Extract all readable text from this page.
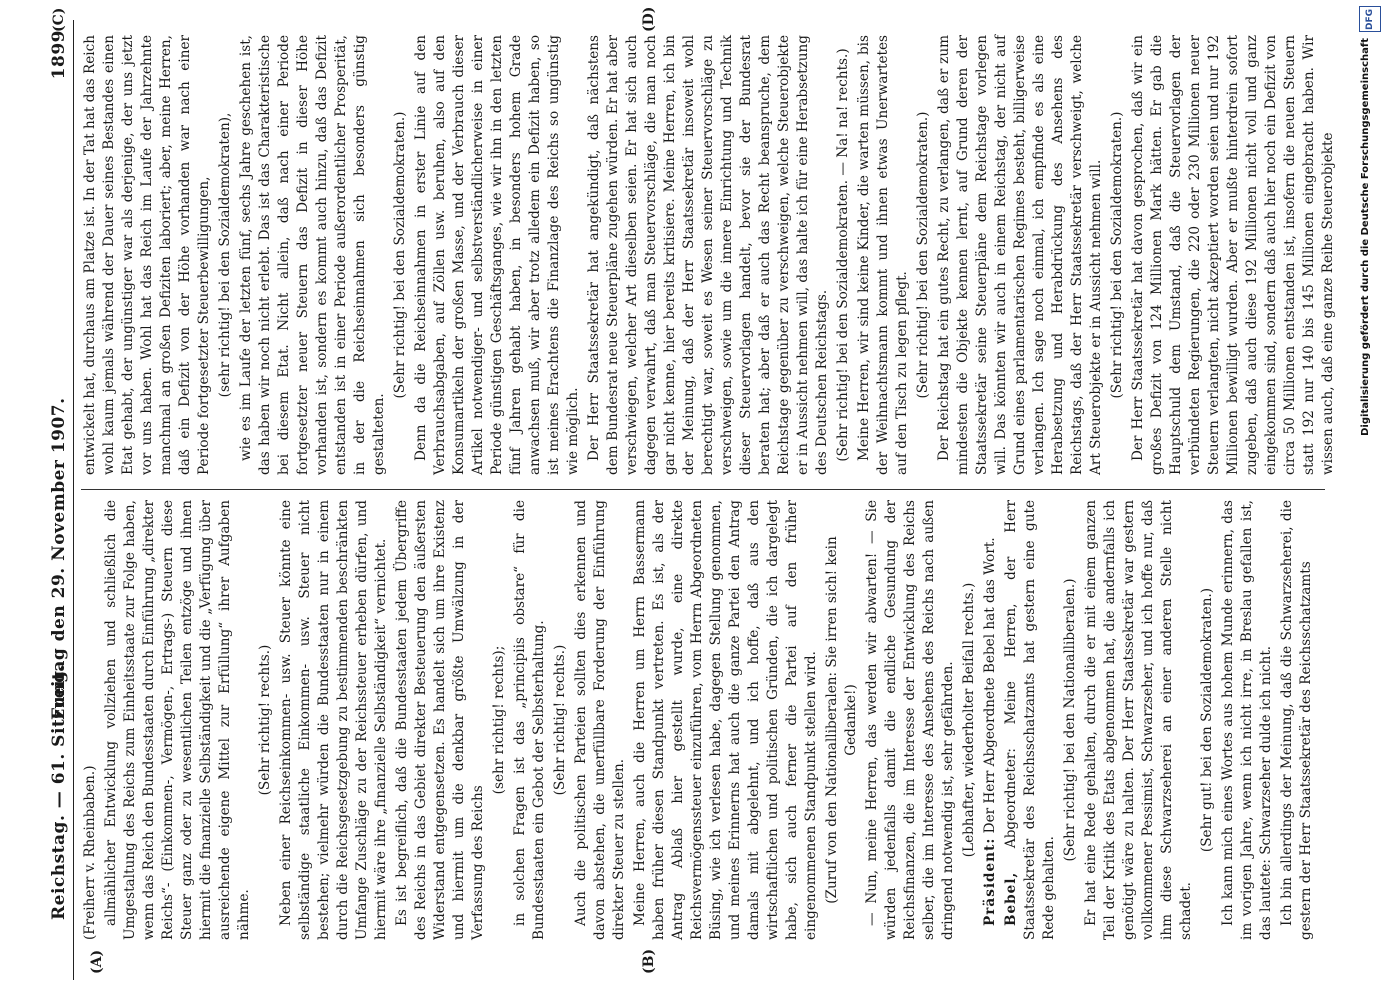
Reichstag. — 61. Sitzung.
Freitag den 29. November 1907.
1899
(A)	(B)
(C)	(D)

(Freiherr v. Rheinbaben.) allmählicher Entwicklung vollziehen und schließlich die Umgestaltung des Reichs zum Einheitsstaate zur Folge haben, wenn das Reich den Bundesstaaten durch Einführung „direkter Reichs“- (Einkommen-, Vermögen-, Ertrags-) Steuern diese Steuer ganz oder zu wesentlichen Teilen entzöge und ihnen hiermit die finanzielle Selbständigkeit und die „Verfügung über ausreichende eigene Mittel zur Erfüllung“ ihrer Aufgaben nähme.

(Sehr richtig! rechts.) Neben einer Reichseinkommen- usw. Steuer könnte eine selbständige staatliche Einkommen- usw. Steuer nicht bestehen; vielmehr würden die Bundesstaaten nur in einem durch die Reichsgesetzgebung zu bestimmenden beschränkten Umfange Zuschläge zu der Reichssteuer erheben dürfen, und hiermit wäre ihre „finanzielle Selbständigkeit“ vernichtet. Es ist begreiflich, daß die Bundesstaaten jedem Übergriffe des Reichs in das Gebiet direkter Besteuerung den äußersten Widerstand entgegensetzen. Es handelt sich um ihre Existenz und hiermit um die denkbar größte Umwälzung in der Verfassung des Reichs

(sehr richtig! rechts); in solchen Fragen ist das „principiis obstare“ für die Bundesstaaten ein Gebot der Selbsterhaltung. (Sehr richtig! rechts.) Auch die politischen Parteien sollten dies erkennen und davon abstehen, die unerfüllbare Forderung der Einführung direkter Steuer zu stellen. Meine Herren, auch die Herren um Herrn Bassermann haben früher diesen Standpunkt vertreten. Es ist, als der Antrag Ablaß hier gestellt wurde, eine direkte Reichsvermögenssteuer einzuführen, vom Herrn Abgeordneten Büsing, wie ich verlesen habe, dagegen Stellung genommen, und meines Erinnerns hat auch die ganze Partei den Antrag damals mit abgelehnt, und ich hoffe, daß aus den wirtschaftlichen und politischen Gründen, die ich dargelegt habe, sich auch ferner die Partei auf den früher eingenommenen Standpunkt stellen wird. (Zuruf von den Nationalliberalen: Sie irren sich! kein Gedanke!) — Nun, meine Herren, das werden wir abwarten! — Sie würden jedenfalls damit die endliche Gesundung der Reichsfinanzen, die im Interesse der Entwicklung des Reichs selber, die im Interesse des Ansehens des Reichs nach außen dringend notwendig ist, sehr gefährden. (Lebhafter, wiederholter Beifall rechts.)

Präsident: Der Herr Abgeordnete Bebel hat das Wort.

Bebel, Abgeordneter: Meine Herren, der Herr Staatssekretär des Reichsschatzamts hat gestern eine gute Rede gehalten.

(Sehr richtig! bei den Nationalliberalen.) Er hat eine Rede gehalten, durch die er mit einem ganzen Teil der Kritik des Etats abgenommen hat, die andernfalls ich genötigt wäre zu halten. Der Herr Staatssekretär war gestern vollkommener Pessimist, Schwarzseher, und ich hoffe nur, daß ihm diese Schwarzseherei an einer anderen Stelle nicht schadet.

(Sehr gut! bei den Sozialdemokraten.) Ich kann mich eines Wortes aus hohem Munde erinnern, das im vorigen Jahre, wenn ich nicht irre, in Breslau gefallen ist, das lautete: Schwarzseher dulde ich nicht. Ich bin allerdings der Meinung, daß die Schwarzseherei, die gestern der Herr Staatssekretär des Reichsschatzamts

entwickelt hat, durchaus am Platze ist. In der Tat hat das Reich wohl kaum jemals während der Dauer seines Bestandes einen Etat gehabt, der ungünstiger war als derjenige, der uns jetzt vor uns haben. Wohl hat das Reich im Laufe der Jahrzehnte manchmal an großen Defiziten laboriert; aber, meine Herren, daß ein Defizit von der Höhe vorhanden war nach einer Periode fortgesetzter Steuerbewilligungen, (sehr richtig! bei den Sozialdemokraten), wie es im Laufe der letzten fünf, sechs Jahre geschehen ist, das haben wir noch nicht erlebt. Das ist das Charakteristische bei diesem Etat. Nicht allein, daß nach einer Periode fortgesetzter neuer Steuern das Defizit in dieser Höhe vorhanden ist, sondern es kommt auch hinzu, daß das Defizit entstanden ist in einer Periode außerordentlicher Prosperität, in der die Reichseinnahmen sich besonders günstig gestalteten.

(Sehr richtig! bei den Sozialdemokraten.) Denn da die Reichseinnahmen in erster Linie auf den Verbrauchsabgaben, auf Zöllen usw. beruhen, also auf den Konsumartikeln der großen Masse, und der Verbrauch dieser Artikel notwendiger- und selbstverständlicherweise in einer Periode günstigen Geschäftsganges, wie wir ihn in den letzten fünf Jahren gehabt haben, in besonders hohem Grade anwachsen muß, wir aber trotz alledem ein Defizit haben, so ist meines Erachtens die Finanzlage des Reichs so ungünstig wie möglich. Der Herr Staatssekretär hat angekündigt, daß nächstens dem Bundesrat neue Steuerpläne zugehen würden. Er hat aber verschwiegen, welcher Art dieselben seien. Er hat sich auch dagegen verwahrt, daß man Steuervorschläge, die man noch gar nicht kenne, hier bereits kritisiere. Meine Herren, ich bin der Meinung, daß der Herr Staatssekretär insoweit wohl berechtigt war, soweit es Wesen seiner Steuervorschläge zu verschweigen, sowie um die innere Einrichtung und Technik dieser Steuervorlagen handelt, bevor sie der Bundesrat beraten hat; aber daß er auch das Recht beanspruche, dem Reichstage gegenüber zu verschweigen, welche Steuerobjekte er in Aussicht nehmen will, das halte ich für eine Herabsetzung des Deutschen Reichstags. (Sehr richtig! bei den Sozialdemokraten. — Na! na! rechts.) Meine Herren, wir sind keine Kinder, die warten müssen, bis der Weihnachtsmann kommt und ihnen etwas Unerwartetes auf den Tisch zu legen pflegt. (Sehr richtig! bei den Sozialdemokraten.) Der Reichstag hat ein gutes Recht, zu verlangen, daß er zum mindesten die Objekte kennen lernt, auf Grund deren der Staatssekretär seine Steuerpläne dem Reichstage vorlegen will. Das könnten wir auch in einem Reichstag, der nicht auf Grund eines parlamentarischen Regimes besteht, billigerweise verlangen. Ich sage noch einmal, ich empfinde es als eine Herabsetzung und Herabdrückung des Ansehens des Reichstags, daß der Herr Staatssekretär verschweigt, welche Art Steuerobjekte er in Aussicht nehmen will. (Sehr richtig! bei den Sozialdemokraten.) Der Herr Staatssekretär hat davon gesprochen, daß wir ein großes Defizit von 124 Millionen Mark hätten. Er gab die Hauptschuld dem Umstand, daß die Steuervorlagen der verbündeten Regierungen, die 220 oder 230 Millionen neuer Steuern verlangten, nicht akzeptiert worden seien und nur 192 Millionen bewilligt wurden. Aber er mußte hinterdrein sofort zugeben, daß auch diese 192 Millionen nicht voll und ganz eingekommen sind, sondern daß auch hier noch ein Defizit von circa 50 Millionen entstanden ist, insofern die neuen Steuern statt 192 nur 140 bis 145 Millionen eingebracht haben. Wir wissen auch, daß eine ganze Reihe Steuerobjekte

DFG
Digitalisierung gefördert durch die Deutsche Forschungsgemeinschaft
